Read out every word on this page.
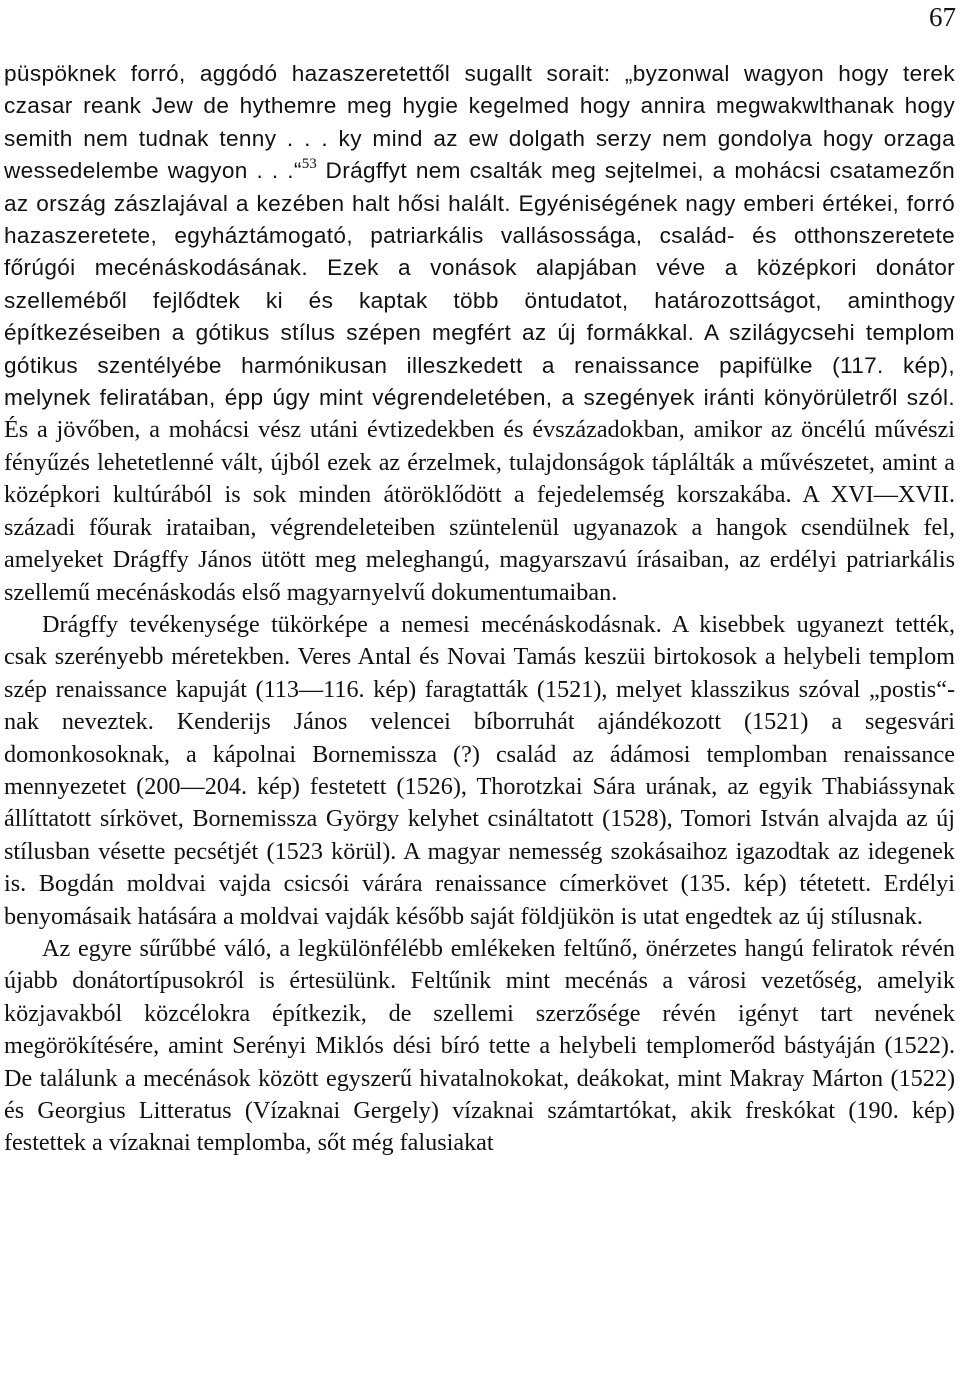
67

püspöknek forró, aggódó hazaszeretettől sugallt sorait: „byzonwal wagyon hogy terek czasar reank Jew de hythemre meg hygie kegelmed hogy annira megwakwlthanak hogy semith nem tudnak tenny . . . ky mind az ew dolgath serzy nem gondolya hogy orzaga wessedelembe wagyon . . .“$^{53}$ Drágffyt nem csalták meg sejtelmei, a mohácsi csatamezőn az ország zászlajával a kezében halt hősi halált. Egyéniségének nagy emberi értékei, forró hazaszeretete, egyháztámogató, patriarkális vallásossága, család- és otthonszeretete főrúgói mecénáskodásának. Ezek a vonások alapjában véve a középkori donátor szelleméből fejlődtek ki és kaptak több öntudatot, határozottságot, aminthogy építkezéseiben a gótikus stílus szépen megfért az új formákkal. A szilágycsehi templom gótikus szentélyébe harmónikusan illeszkedett a renaissance papifülke (117. kép), melynek feliratában, épp úgy mint végrendeletében, a szegények iránti könyörületről szól. És a jövőben, a mohácsi vész utáni évtizedekben és évszázadokban, amikor az öncélú művészi fényűzés lehetetlenné vált, újból ezek az érzelmek, tulajdonságok táplálták a művészetet, amint a középkori kultúrából is sok minden átöröklődött a fejedelemség korszakába. A XVI—XVII. századi főurak irataiban, végrendeleteiben szüntelenül ugyanazok a hangok csendülnek fel, amelyeket Drágffy János ütött meg meleghangú, magyarszavú írásaiban, az erdélyi patriarkális szellemű mecénáskodás első magyarnyelvű dokumentumaiban.

Drágffy tevékenysége tükörképe a nemesi mecénáskodásnak. A kisebbek ugyanezt tették, csak szerényebb méretekben. Veres Antal és Novai Tamás keszüi birtokosok a helybeli templom szép renaissance kapuját (113—116. kép) faragtatták (1521), melyet klasszikus szóval „postis“-nak neveztek. Kenderijs János velencei bíborruhát ajándékozott (1521) a segesvári domonkosoknak, a kápolnai Bornemissza (?) család az ádámosi templomban renaissance mennyezetet (200—204. kép) festetett (1526), Thorotzkai Sára urának, az egyik Thabiássynak állíttatott sírkövet, Bornemissza György kelyhet csináltatott (1528), Tomori István alvajda az új stílusban vésette pecsétjét (1523 körül). A magyar nemesség szokásaihoz igazodtak az idegenek is. Bogdán moldvai vajda csicsói várára renaissance címerkövet (135. kép) tétetett. Erdélyi benyomásaik hatására a moldvai vajdák később saját földjükön is utat engedtek az új stílusnak.

Az egyre sűrűbbé váló, a legkülönfélébb emlékeken feltűnő, önérzetes hangú feliratok révén újabb donátortípusokról is értesülünk. Feltűnik mint mecénás a városi vezetőség, amelyik közjavakból közcélokra építkezik, de szellemi szerzősége révén igényt tart nevének megörökítésére, amint Serényi Miklós dési bíró tette a helybeli templomerőd bástyáján (1522). De találunk a mecénások között egyszerű hivatalnokokat, deákokat, mint Makray Márton (1522) és Georgius Litteratus (Vízaknai Gergely) vízaknai számtartókat, akik freskókat (190. kép) festettek a vízaknai templomba, sőt még falusiakat
